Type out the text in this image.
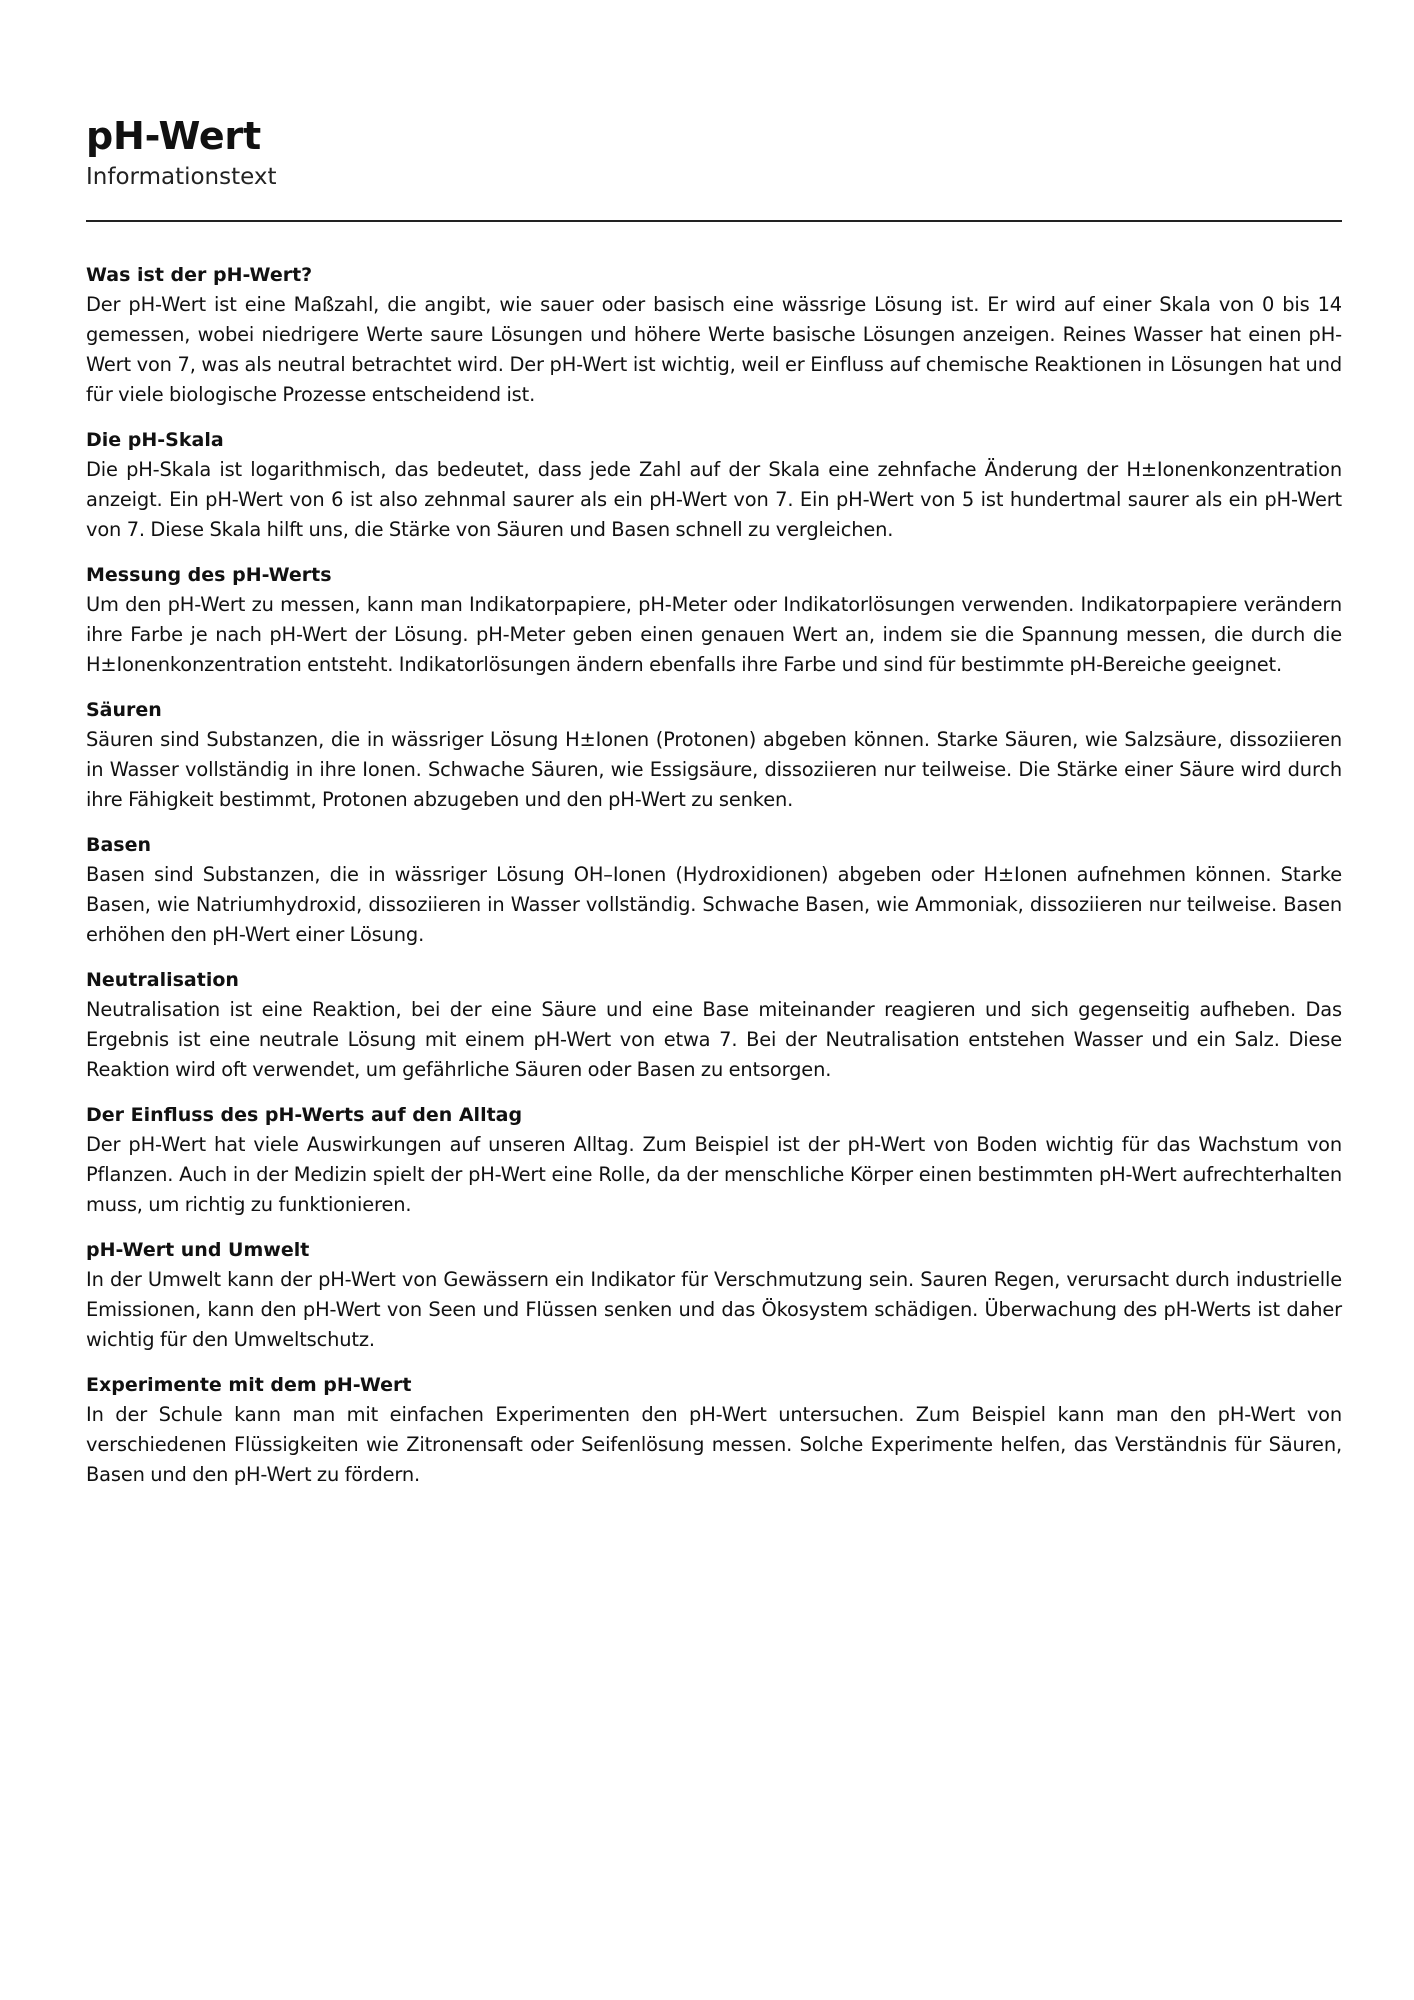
pH-Wert
Informationstext
Was ist der pH-Wert?

Der pH-Wert ist eine Maßzahl, die angibt, wie sauer oder basisch eine wässrige Lösung ist. Er wird auf einer Skala von 0 bis 14 gemessen, wobei niedrigere Werte saure Lösungen und höhere Werte basische Lösungen anzeigen. Reines Wasser hat einen pH-Wert von 7, was als neutral betrachtet wird. Der pH-Wert ist wichtig, weil er Einfluss auf chemische Reaktionen in Lösungen hat und für viele biologische Prozesse entscheidend ist.

Die pH-Skala

Die pH-Skala ist logarithmisch, das bedeutet, dass jede Zahl auf der Skala eine zehnfache Änderung der H±Ionenkonzentration anzeigt. Ein pH-Wert von 6 ist also zehnmal saurer als ein pH-Wert von 7. Ein pH-Wert von 5 ist hundertmal saurer als ein pH-Wert von 7. Diese Skala hilft uns, die Stärke von Säuren und Basen schnell zu vergleichen.

Messung des pH-Werts

Um den pH-Wert zu messen, kann man Indikatorpapiere, pH-Meter oder Indikatorlösungen verwenden. Indikatorpapiere verändern ihre Farbe je nach pH-Wert der Lösung. pH-Meter geben einen genauen Wert an, indem sie die Spannung messen, die durch die H±Ionenkonzentration entsteht. Indikatorlösungen ändern ebenfalls ihre Farbe und sind für bestimmte pH-Bereiche geeignet.

Säuren

Säuren sind Substanzen, die in wässriger Lösung H±Ionen (Protonen) abgeben können. Starke Säuren, wie Salzsäure, dissoziieren in Wasser vollständig in ihre Ionen. Schwache Säuren, wie Essigsäure, dissoziieren nur teilweise. Die Stärke einer Säure wird durch ihre Fähigkeit bestimmt, Protonen abzugeben und den pH-Wert zu senken.

Basen

Basen sind Substanzen, die in wässriger Lösung OH–Ionen (Hydroxidionen) abgeben oder H±Ionen aufnehmen können. Starke Basen, wie Natriumhydroxid, dissoziieren in Wasser vollständig. Schwache Basen, wie Ammoniak, dissoziieren nur teilweise. Basen erhöhen den pH-Wert einer Lösung.

Neutralisation

Neutralisation ist eine Reaktion, bei der eine Säure und eine Base miteinander reagieren und sich gegenseitig aufheben. Das Ergebnis ist eine neutrale Lösung mit einem pH-Wert von etwa 7. Bei der Neutralisation entstehen Wasser und ein Salz. Diese Reaktion wird oft verwendet, um gefährliche Säuren oder Basen zu entsorgen.

Der Einfluss des pH-Werts auf den Alltag

Der pH-Wert hat viele Auswirkungen auf unseren Alltag. Zum Beispiel ist der pH-Wert von Boden wichtig für das Wachstum von Pflanzen. Auch in der Medizin spielt der pH-Wert eine Rolle, da der menschliche Körper einen bestimmten pH-Wert aufrechterhalten muss, um richtig zu funktionieren.

pH-Wert und Umwelt

In der Umwelt kann der pH-Wert von Gewässern ein Indikator für Verschmutzung sein. Sauren Regen, verursacht durch industrielle Emissionen, kann den pH-Wert von Seen und Flüssen senken und das Ökosystem schädigen. Überwachung des pH-Werts ist daher wichtig für den Umweltschutz.

Experimente mit dem pH-Wert

In der Schule kann man mit einfachen Experimenten den pH-Wert untersuchen. Zum Beispiel kann man den pH-Wert von verschiedenen Flüssigkeiten wie Zitronensaft oder Seifenlösung messen. Solche Experimente helfen, das Verständnis für Säuren, Basen und den pH-Wert zu fördern.
